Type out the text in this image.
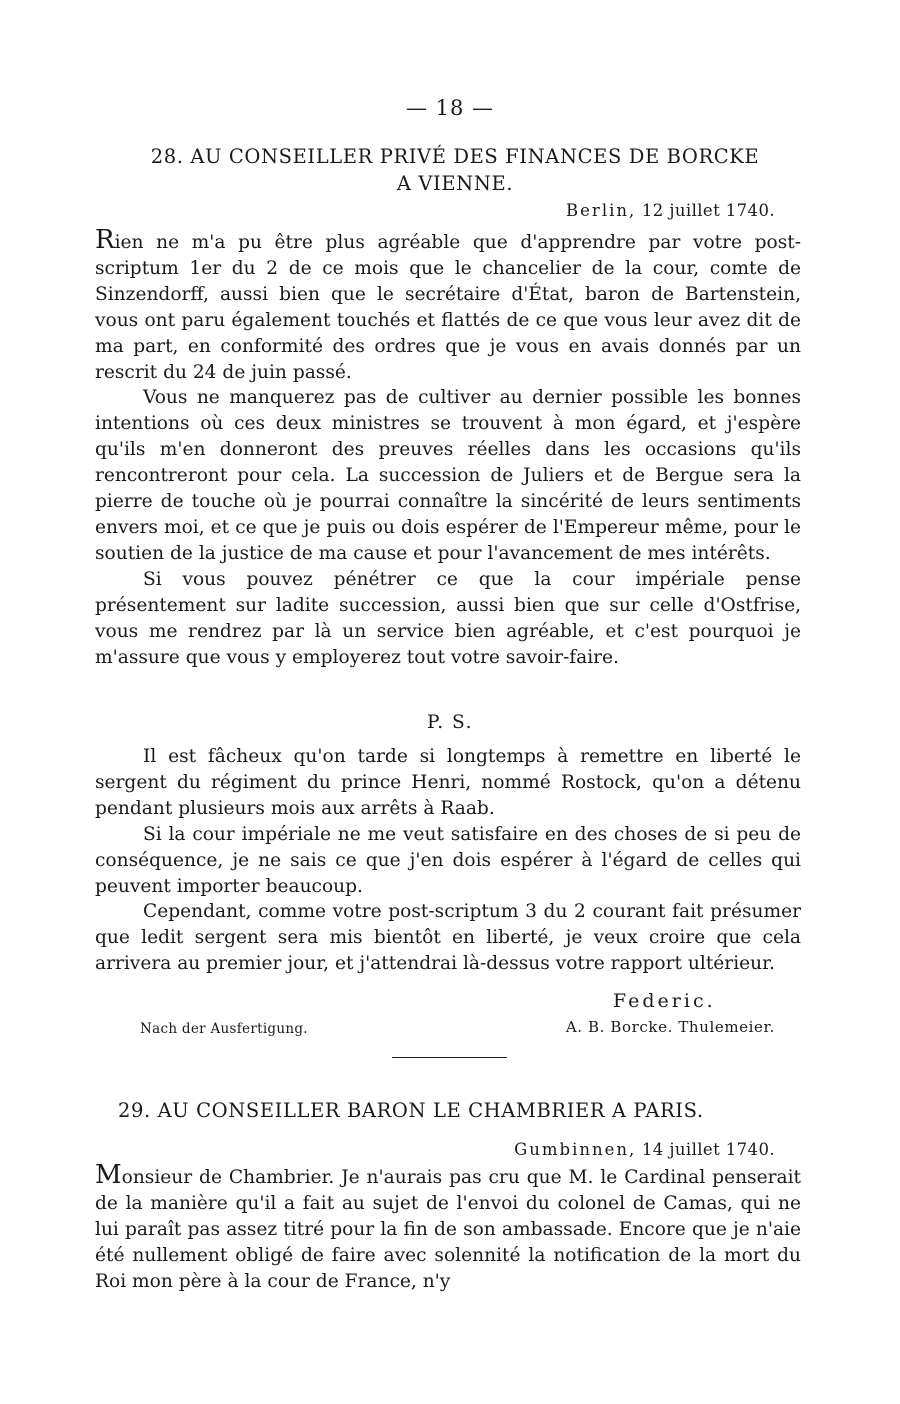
— 18 —
28. AU CONSEILLER PRIVÉ DES FINANCES DE BORCKE
A VIENNE.
Berlin, 12 juillet 1740.

Rien ne m'a pu être plus agréable que d'apprendre par votre post-scriptum 1er du 2 de ce mois que le chancelier de la cour, comte de Sinzendorff, aussi bien que le secrétaire d'État, baron de Bartenstein, vous ont paru également touchés et flattés de ce que vous leur avez dit de ma part, en conformité des ordres que je vous en avais donnés par un rescrit du 24 de juin passé.

Vous ne manquerez pas de cultiver au dernier possible les bonnes intentions où ces deux ministres se trouvent à mon égard, et j'espère qu'ils m'en donneront des preuves réelles dans les occasions qu'ils rencontreront pour cela. La succession de Juliers et de Bergue sera la pierre de touche où je pourrai connaître la sincérité de leurs sentiments envers moi, et ce que je puis ou dois espérer de l'Empereur même, pour le soutien de la justice de ma cause et pour l'avancement de mes intérêts.

Si vous pouvez pénétrer ce que la cour impériale pense présentement sur ladite succession, aussi bien que sur celle d'Ostfrise, vous me rendrez par là un service bien agréable, et c'est pourquoi je m'assure que vous y employerez tout votre savoir-faire.

P. S.

Il est fâcheux qu'on tarde si longtemps à remettre en liberté le sergent du régiment du prince Henri, nommé Rostock, qu'on a détenu pendant plusieurs mois aux arrêts à Raab.

Si la cour impériale ne me veut satisfaire en des choses de si peu de conséquence, je ne sais ce que j'en dois espérer à l'égard de celles qui peuvent importer beaucoup.

Cependant, comme votre post-scriptum 3 du 2 courant fait présumer que ledit sergent sera mis bientôt en liberté, je veux croire que cela arrivera au premier jour, et j'attendrai là-dessus votre rapport ultérieur.

Federic.
Nach der Ausfertigung.	A. B. Borcke. Thulemeier.
29. AU CONSEILLER BARON LE CHAMBRIER A PARIS.
Gumbinnen, 14 juillet 1740.

Monsieur de Chambrier. Je n'aurais pas cru que M. le Cardinal penserait de la manière qu'il a fait au sujet de l'envoi du colonel de Camas, qui ne lui paraît pas assez titré pour la fin de son ambassade. Encore que je n'aie été nullement obligé de faire avec solennité la notification de la mort du Roi mon père à la cour de France, n'y
